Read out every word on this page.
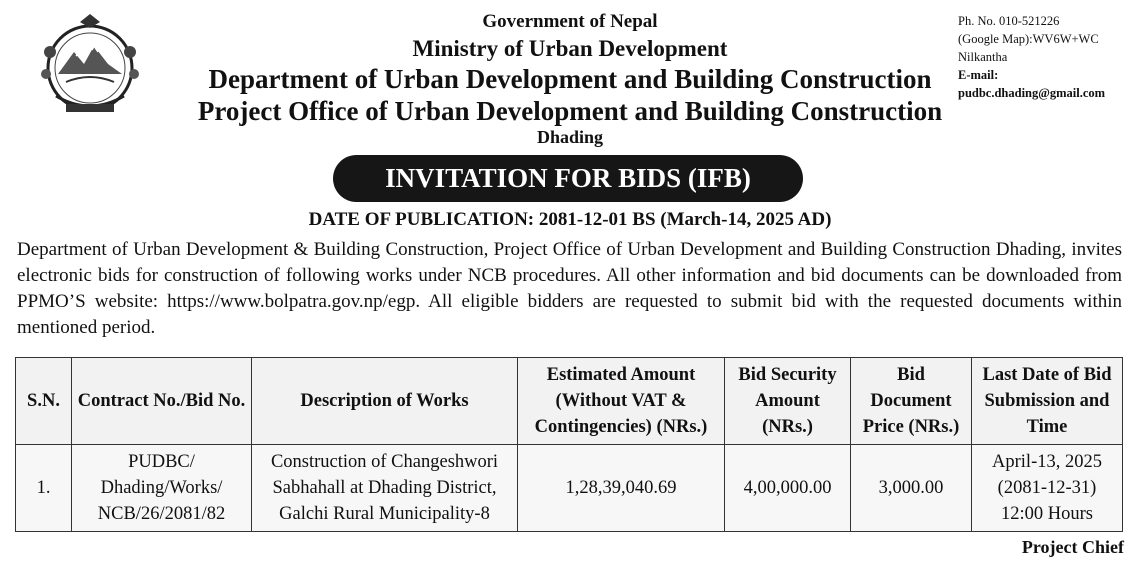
Government of Nepal
Ministry of Urban Development
Department of Urban Development and Building Construction
Project Office of Urban Development and Building Construction
Dhading
Ph. No. 010-521226
(Google Map):WV6W+WC
Nilkantha
E-mail:
pudbc.dhading@gmail.com
INVITATION FOR BIDS (IFB)
DATE OF PUBLICATION: 2081-12-01 BS (March-14, 2025 AD)
Department of Urban Development & Building Construction, Project Office of Urban Development and Building Construction Dhading, invites electronic bids for construction of following works under NCB procedures. All other information and bid documents can be downloaded from PPMO’S website: https://www.bolpatra.gov.np/egp. All eligible bidders are requested to submit bid with the requested documents within mentioned period.
S.N.	Contract No./Bid No.	Description of Works	Estimated Amount (Without VAT & Contingencies) (NRs.)	Bid Security Amount (NRs.)	Bid Document Price (NRs.)	Last Date of Bid Submission and Time
1.	PUDBC/ Dhading/Works/ NCB/26/2081/82	Construction of Changeshwori Sabhahall at Dhading District, Galchi Rural Municipality-8	1,28,39,040.69	4,00,000.00	3,000.00	April-13, 2025 (2081-12-31) 12:00 Hours
Project Chief
